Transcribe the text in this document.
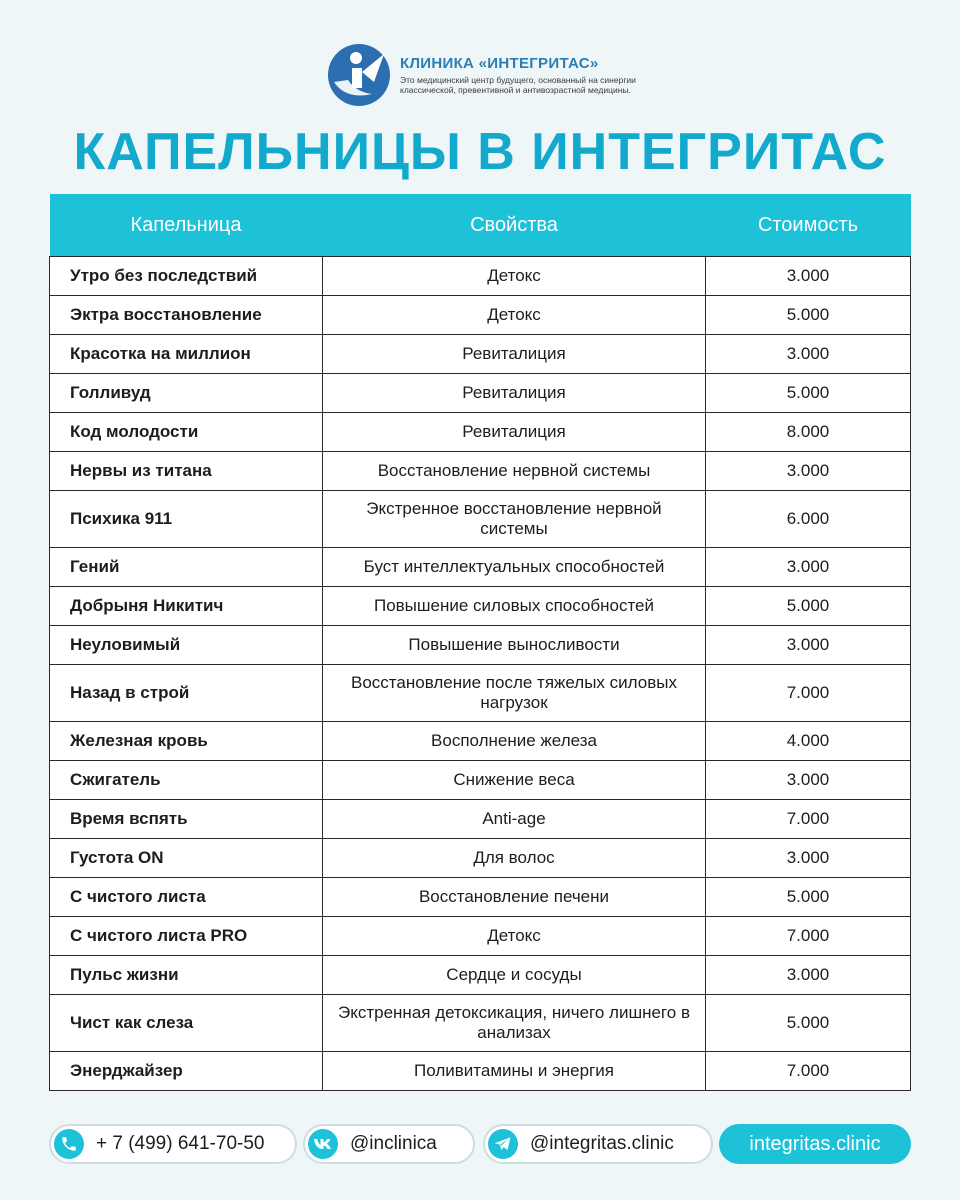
КЛИНИКА «ИНТЕГРИТАС»
Это медицинский центр будущего, основанный на синергии классической, превентивной и антивозрастной медицины.
КАПЕЛЬНИЦЫ В ИНТЕГРИТАС
Капельница	Свойства	Стоимость
Утро без последствий	Детокс	3.000
Эктра восстановление	Детокс	5.000
Красотка на миллион	Ревиталиция	3.000
Голливуд	Ревиталиция	5.000
Код молодости	Ревиталиция	8.000
Нервы из титана	Восстановление нервной системы	3.000
Психика 911	Экстренное восстановление нервной системы	6.000
Гений	Буст интеллектуальных способностей	3.000
Добрыня Никитич	Повышение силовых способностей	5.000
Неуловимый	Повышение выносливости	3.000
Назад в строй	Восстановление после тяжелых силовых нагрузок	7.000
Железная кровь	Восполнение железа	4.000
Сжигатель	Снижение веса	3.000
Время вспять	Anti-age	7.000
Густота ON	Для волос	3.000
С чистого листа	Восстановление печени	5.000
С чистого листа PRO	Детокс	7.000
Пульс жизни	Сердце и сосуды	3.000
Чист как слеза	Экстренная детоксикация, ничего лишнего в анализах	5.000
Энерджайзер	Поливитамины и энергия	7.000
+ 7 (499) 641-70-50	@inclinica	@integritas.clinic	integritas.clinic
